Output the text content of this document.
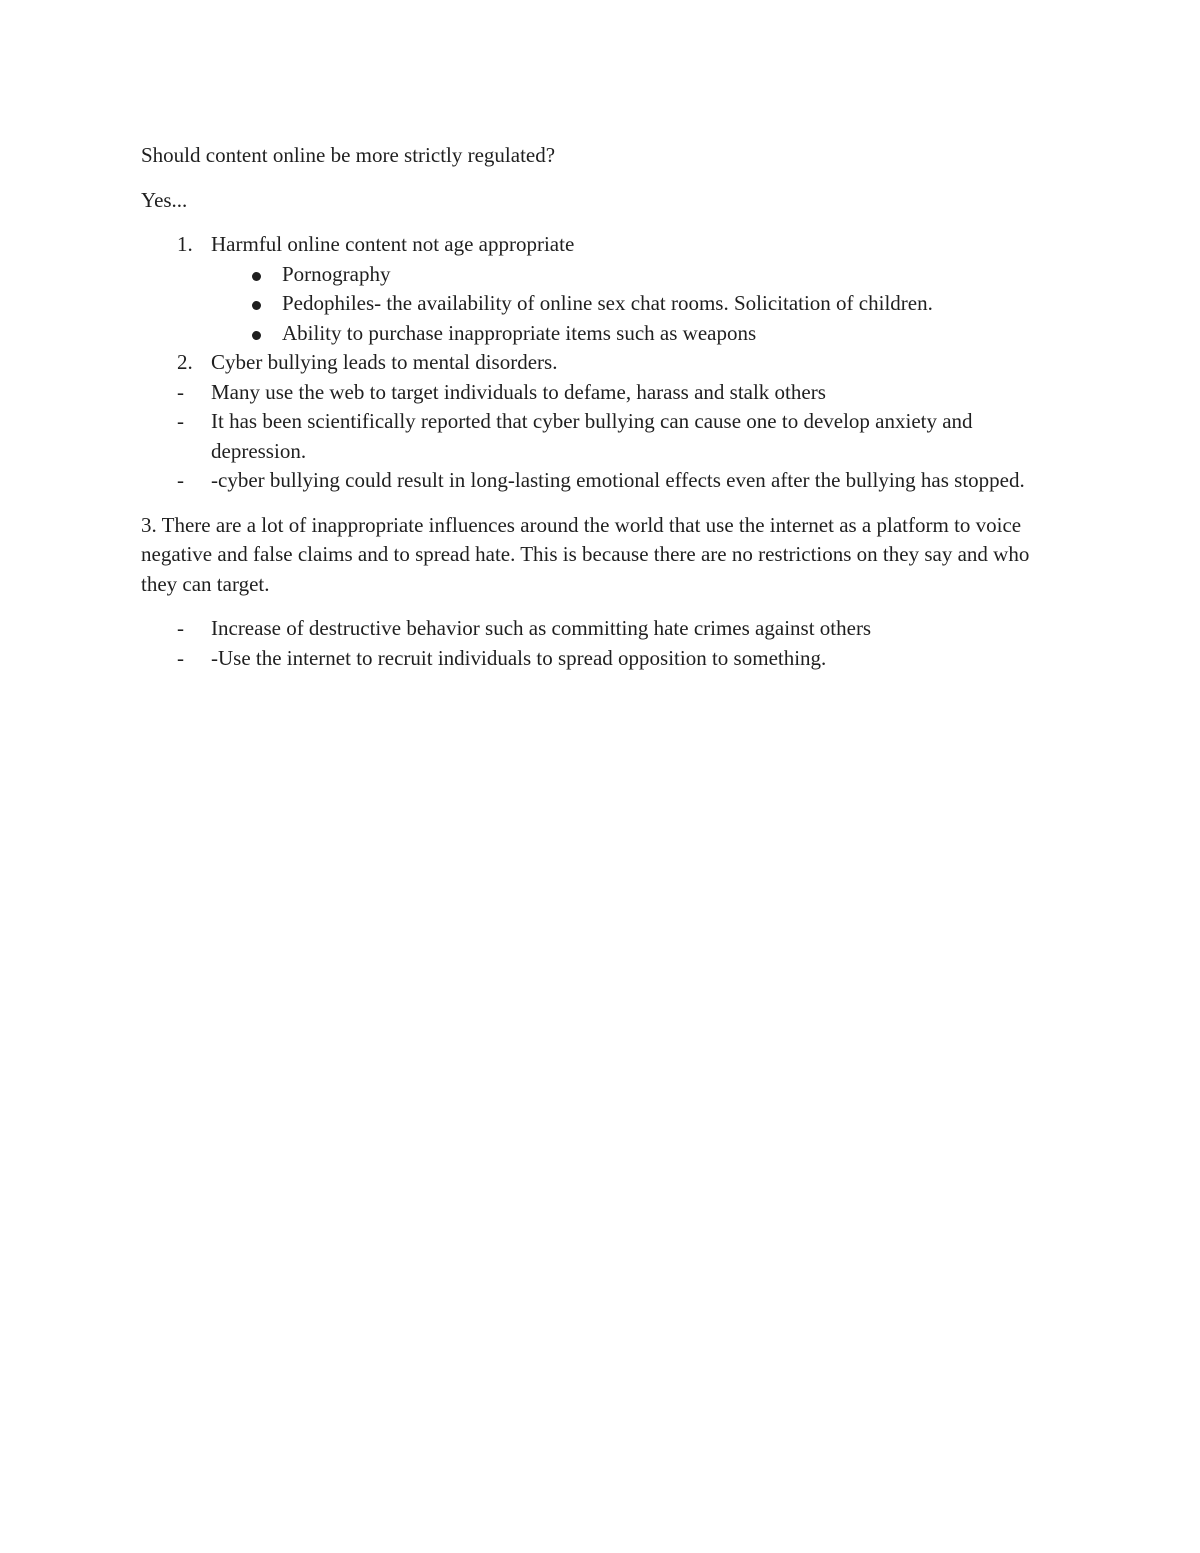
Should content online be more strictly regulated?

Yes...

1. Harmful online content not age appropriate
Pornography
Pedophiles- the availability of online sex chat rooms. Solicitation of children.
Ability to purchase inappropriate items such as weapons
2. Cyber bullying leads to mental disorders.
- Many use the web to target individuals to defame, harass and stalk others
- It has been scientifically reported that cyber bullying can cause one to develop anxiety and depression.
- -cyber bullying could result in long-lasting emotional effects even after the bullying has stopped.

3. There are a lot of inappropriate influences around the world that use the internet as a platform to voice negative and false claims and to spread hate. This is because there are no restrictions on they say and who they can target.

- Increase of destructive behavior such as committing hate crimes against others
- -Use the internet to recruit individuals to spread opposition to something.
